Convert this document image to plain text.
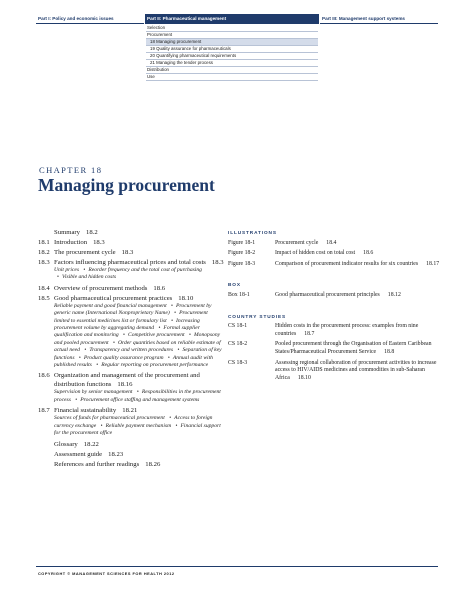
Part I: Policy and economic issues	Part II: Pharmaceutical management	Part III: Management support systems
Selection
Procurement
18 Managing procurement
19 Quality assurance for pharmaceuticals
20 Quantifying pharmaceutical requirements
21 Managing the tender process
Distribution
Use
CHAPTER 18
Managing procurement
Summary 18.2
18.1 Introduction 18.3
18.2 The procurement cycle 18.3
18.3 Factors influencing pharmaceutical prices and total costs 18.3
Unit prices • Reorder frequency and the total cost of purchasing • Visible and hidden costs
18.4 Overview of procurement methods 18.6
18.5 Good pharmaceutical procurement practices 18.10
Reliable payment and good financial management • Procurement by generic name (International Nonproprietary Name) • Procurement limited to essential medicines list or formulary list • Increasing procurement volume by aggregating demand • Formal supplier qualification and monitoring • Competitive procurement • Monopsony and pooled procurement • Order quantities based on reliable estimate of actual need • Transparency and written procedures • Separation of key functions • Product quality assurance program • Annual audit with published results • Regular reporting on procurement performance
18.6 Organization and management of the procurement and distribution functions 18.16
Supervision by senior management • Responsibilities in the procurement process • Procurement office staffing and management systems
18.7 Financial sustainability 18.21
Sources of funds for pharmaceutical procurement • Access to foreign currency exchange • Reliable payment mechanism • Financial support for the procurement office
Glossary 18.22
Assessment guide 18.23
References and further readings 18.26
ILLUSTRATIONS
Figure 18-1	Procurement cycle 18.4
Figure 18-2	Impact of hidden cost on total cost 18.6
Figure 18-3	Comparison of procurement indicator results for six countries 18.17
BOX
Box 18-1	Good pharmaceutical procurement principles 18.12
COUNTRY STUDIES
CS 18-1	Hidden costs in the procurement process: examples from nine countries 18.7
CS 18-2	Pooled procurement through the Organisation of Eastern Caribbean States/Pharmaceutical Procurement Service 18.8
CS 18-3	Assessing regional collaboration of procurement activities to increase access to HIV/AIDS medicines and commodities in sub-Saharan Africa 18.10
COPYRIGHT © MANAGEMENT SCIENCES FOR HEALTH 2012
